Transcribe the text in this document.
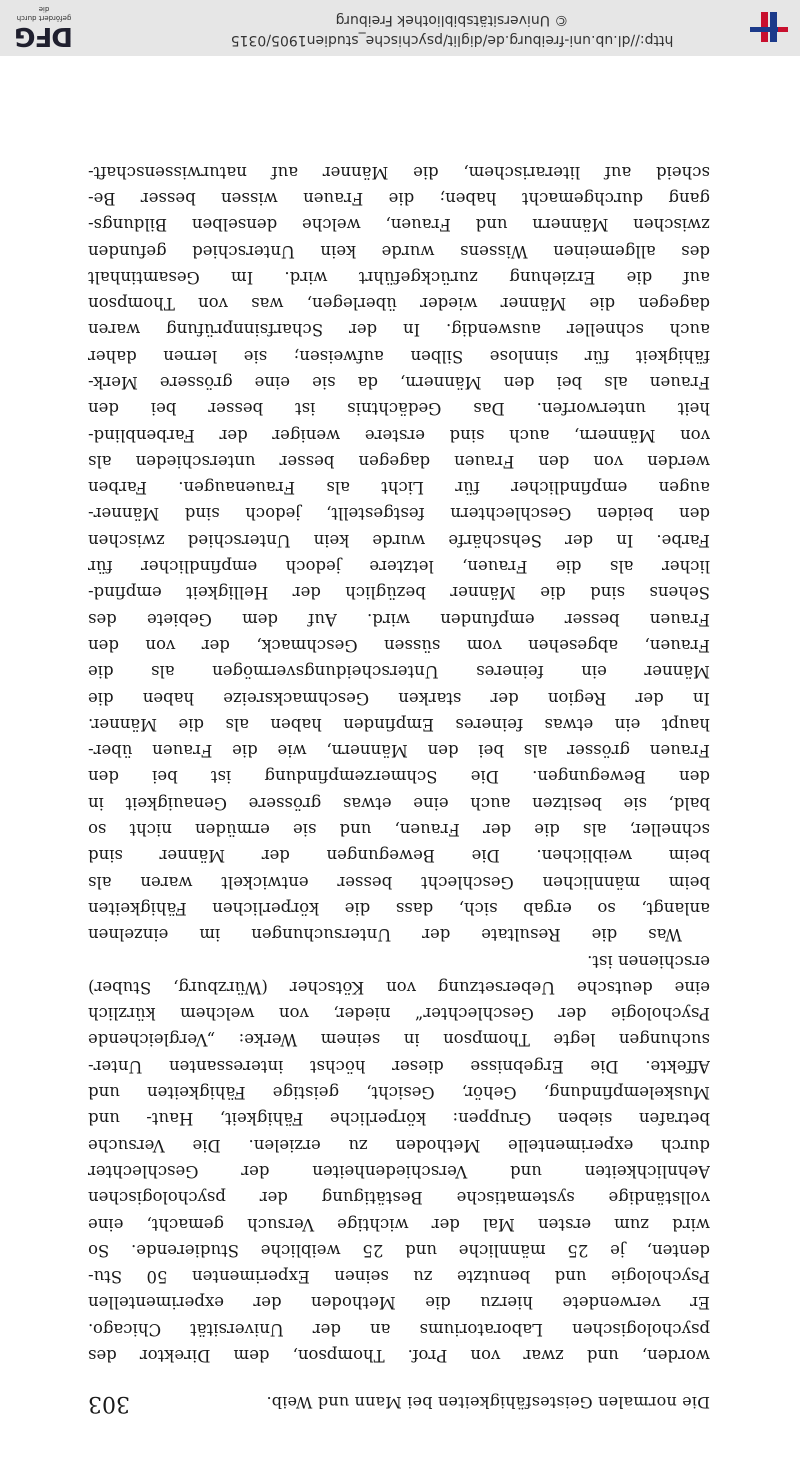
Die normalen Geistesfähigkeiten bei Mann und Weib.
303
worden, und zwar von Prof. Thompson, dem Direktor des
psychologischen Laboratoriums an der Universität Chicago.
Er verwendete hierzu die Methoden der experimentellen
Psychologie und benutzte zu seinen Experimenten 50 Stu-
denten, je 25 männliche und 25 weibliche Studierende. So
wird zum ersten Mal der wichtige Versuch gemacht, eine
vollständige systematische Bestätigung der psychologischen
Aehnlichkeiten und Verschiedenheiten der Geschlechter
durch experimentelle Methoden zu erzielen. Die Versuche
betrafen sieben Gruppen: körperliche Fähigkeit, Haut- und
Muskelempfindung, Gehör, Gesicht, geistige Fähigkeiten und
Affekte. Die Ergebnisse dieser höchst interessanten Unter-
suchungen legte Thompson in seinem Werke: „Vergleichende
Psychologie der Geschlechter“ nieder, von welchem kürzlich
eine deutsche Uebersetzung von Kötscher (Würzburg, Stuber)
erschienen ist.
Was die Resultate der Untersuchungen im einzelnen
anlangt, so ergab sich, dass die körperlichen Fähigkeiten
beim männlichen Geschlecht besser entwickelt waren als
beim weiblichen. Die Bewegungen der Männer sind
schneller, als die der Frauen, und sie ermüden nicht so
bald, sie besitzen auch eine etwas grössere Genauigkeit in
den Bewegungen. Die Schmerzempfindung ist bei den
Frauen grösser als bei den Männern, wie die Frauen über-
haupt ein etwas feineres Empfinden haben als die Männer.
In der Region der starken Geschmacksreize haben die
Männer ein feineres Unterscheidungsvermögen als die
Frauen, abgesehen vom süssen Geschmack, der von den
Frauen besser empfunden wird. Auf dem Gebiete des
Sehens sind die Männer bezüglich der Helligkeit empfind-
licher als die Frauen, letztere jedoch empfindlicher für
Farbe. In der Sehschärfe wurde kein Unterschied zwischen
den beiden Geschlechtern festgestellt, jedoch sind Männer-
augen empfindlicher für Licht als Frauenaugen. Farben
werden von den Frauen dagegen besser unterschieden als
von Männern, auch sind erstere weniger der Farbenblind-
heit unterworfen. Das Gedächtnis ist besser bei den
Frauen als bei den Männern, da sie eine grössere Merk-
fähigkeit für sinnlose Silben aufweisen; sie lernen daher
auch schneller auswendig. In der Scharfsinnprüfung waren
dagegen die Männer wieder überlegen, was von Thompson
auf die Erziehung zurückgeführt wird. Im Gesamtinhalt
des allgemeinen Wissens wurde kein Unterschied gefunden
zwischen Männern und Frauen, welche denselben Bildungs-
gang durchgemacht haben; die Frauen wissen besser Be-
scheid auf literarischem, die Männer auf naturwissenschaft-
http://dl.ub.uni-freiburg.de/diglit/psychische_studien1905/0315
© Universitätsbibliothek Freiburg
DFG
gefördert durch die
